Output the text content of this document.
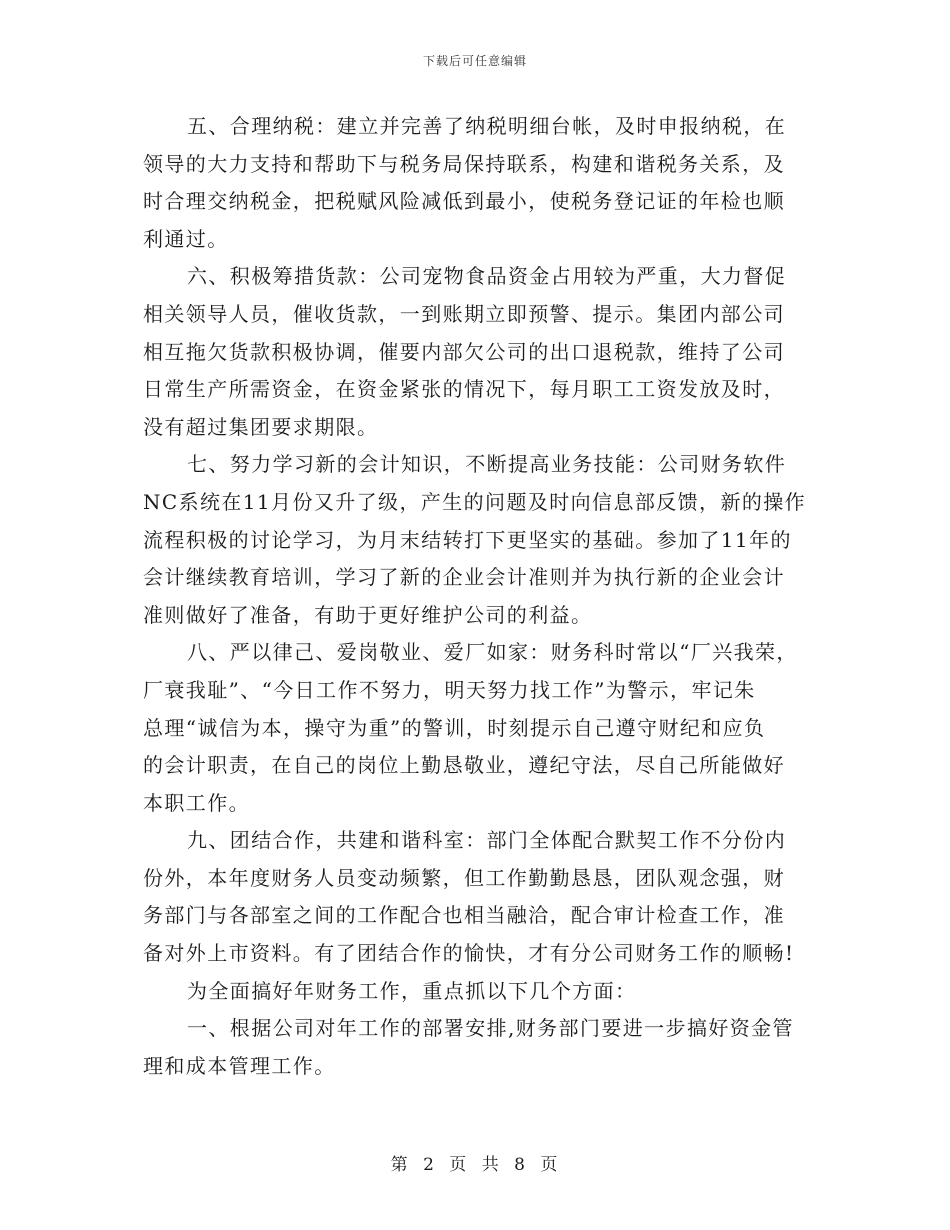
下载后可任意编辑
五、合理纳税：建立并完善了纳税明细台帐，及时申报纳税，在
领导的大力支持和帮助下与税务局保持联系，构建和谐税务关系，及
时合理交纳税金，把税赋风险减低到最小，使税务登记证的年检也顺
利通过。
六、积极筹措货款：公司宠物食品资金占用较为严重，大力督促
相关领导人员，催收货款，一到账期立即预警、提示。集团内部公司
相互拖欠货款积极协调，催要内部欠公司的出口退税款，维持了公司
日常生产所需资金，在资金紧张的情况下，每月职工工资发放及时，
没有超过集团要求期限。
七、努力学习新的会计知识，不断提高业务技能：公司财务软件
NC系统在11月份又升了级，产生的问题及时向信息部反馈，新的操作
流程积极的讨论学习，为月末结转打下更坚实的基础。参加了11年的
会计继续教育培训，学习了新的企业会计准则并为执行新的企业会计
准则做好了准备，有助于更好维护公司的利益。
八、严以律己、爱岗敬业、爱厂如家：财务科时常以“厂兴我荣，
厂衰我耻”、“今日工作不努力，明天努力找工作”为警示，牢记朱
总理“诚信为本，操守为重”的警训，时刻提示自己遵守财纪和应负
的会计职责，在自己的岗位上勤恳敬业，遵纪守法，尽自己所能做好
本职工作。
九、团结合作，共建和谐科室：部门全体配合默契工作不分份内
份外，本年度财务人员变动频繁，但工作勤勤恳恳，团队观念强，财
务部门与各部室之间的工作配合也相当融洽，配合审计检查工作，准
备对外上市资料。有了团结合作的愉快，才有分公司财务工作的顺畅!
为全面搞好年财务工作，重点抓以下几个方面：
一、根据公司对年工作的部署安排,财务部门要进一步搞好资金管
理和成本管理工作。
第 2 页 共 8 页
